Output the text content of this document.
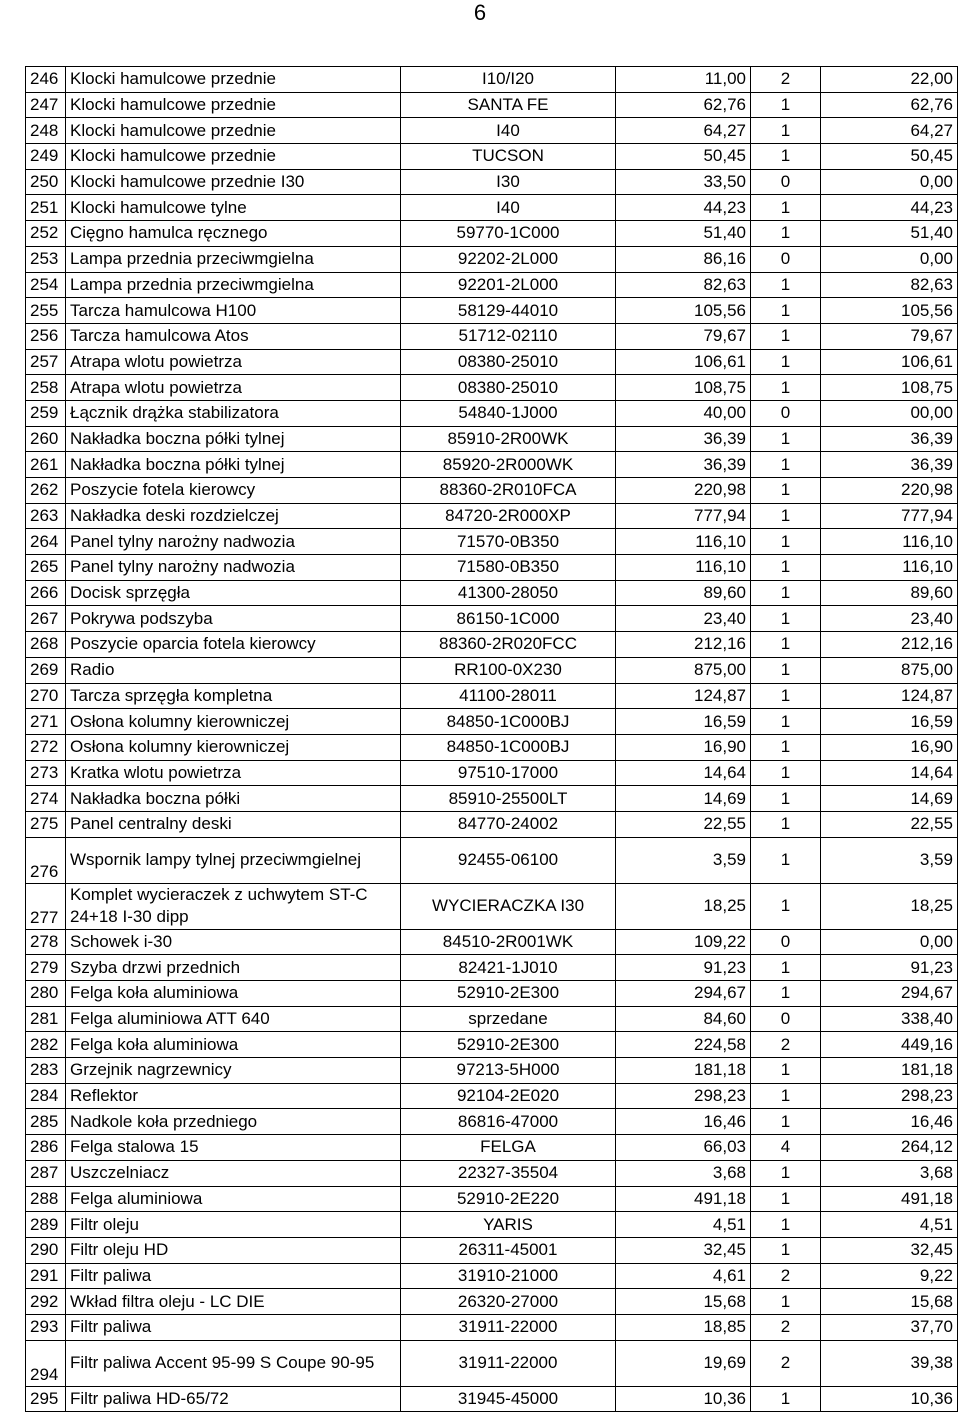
6
246	Klocki hamulcowe przednie	I10/I20	11,00	2	22,00
247	Klocki hamulcowe przednie	SANTA FE	62,76	1	62,76
248	Klocki hamulcowe przednie	I40	64,27	1	64,27
249	Klocki hamulcowe przednie	TUCSON	50,45	1	50,45
250	Klocki hamulcowe przednie I30	I30	33,50	0	0,00
251	Klocki hamulcowe tylne	I40	44,23	1	44,23
252	Cięgno hamulca ręcznego	59770-1C000	51,40	1	51,40
253	Lampa przednia przeciwmgielna	92202-2L000	86,16	0	0,00
254	Lampa przednia przeciwmgielna	92201-2L000	82,63	1	82,63
255	Tarcza hamulcowa H100	58129-44010	105,56	1	105,56
256	Tarcza hamulcowa Atos	51712-02110	79,67	1	79,67
257	Atrapa wlotu powietrza	08380-25010	106,61	1	106,61
258	Atrapa wlotu powietrza	08380-25010	108,75	1	108,75
259	Łącznik drążka stabilizatora	54840-1J000	40,00	0	00,00
260	Nakładka boczna półki tylnej	85910-2R00WK	36,39	1	36,39
261	Nakładka boczna półki tylnej	85920-2R000WK	36,39	1	36,39
262	Poszycie fotela kierowcy	88360-2R010FCA	220,98	1	220,98
263	Nakładka deski rozdzielczej	84720-2R000XP	777,94	1	777,94
264	Panel tylny narożny nadwozia	71570-0B350	116,10	1	116,10
265	Panel tylny narożny nadwozia	71580-0B350	116,10	1	116,10
266	Docisk sprzęgła	41300-28050	89,60	1	89,60
267	Pokrywa podszyba	86150-1C000	23,40	1	23,40
268	Poszycie oparcia fotela kierowcy	88360-2R020FCC	212,16	1	212,16
269	Radio	RR100-0X230	875,00	1	875,00
270	Tarcza sprzęgła kompletna	41100-28011	124,87	1	124,87
271	Osłona kolumny kierowniczej	84850-1C000BJ	16,59	1	16,59
272	Osłona kolumny kierowniczej	84850-1C000BJ	16,90	1	16,90
273	Kratka wlotu powietrza	97510-17000	14,64	1	14,64
274	Nakładka boczna półki	85910-25500LT	14,69	1	14,69
275	Panel centralny deski	84770-24002	22,55	1	22,55
276	Wspornik lampy tylnej przeciwmgielnej	92455-06100	3,59	1	3,59
277	Komplet wycieraczek z uchwytem ST-C 24+18 I-30 dipp	WYCIERACZKA I30	18,25	1	18,25
278	Schowek i-30	84510-2R001WK	109,22	0	0,00
279	Szyba drzwi przednich	82421-1J010	91,23	1	91,23
280	Felga koła aluminiowa	52910-2E300	294,67	1	294,67
281	Felga aluminiowa ATT 640	sprzedane	84,60	0	338,40
282	Felga koła aluminiowa	52910-2E300	224,58	2	449,16
283	Grzejnik nagrzewnicy	97213-5H000	181,18	1	181,18
284	Reflektor	92104-2E020	298,23	1	298,23
285	Nadkole koła przedniego	86816-47000	16,46	1	16,46
286	Felga stalowa 15	FELGA	66,03	4	264,12
287	Uszczelniacz	22327-35504	3,68	1	3,68
288	Felga aluminiowa	52910-2E220	491,18	1	491,18
289	Filtr oleju	YARIS	4,51	1	4,51
290	Filtr oleju HD	26311-45001	32,45	1	32,45
291	Filtr paliwa	31910-21000	4,61	2	9,22
292	Wkład filtra oleju - LC DIE	26320-27000	15,68	1	15,68
293	Filtr paliwa	31911-22000	18,85	2	37,70
294	Filtr paliwa Accent 95-99 S Coupe 90-95	31911-22000	19,69	2	39,38
295	Filtr paliwa HD-65/72	31945-45000	10,36	1	10,36
